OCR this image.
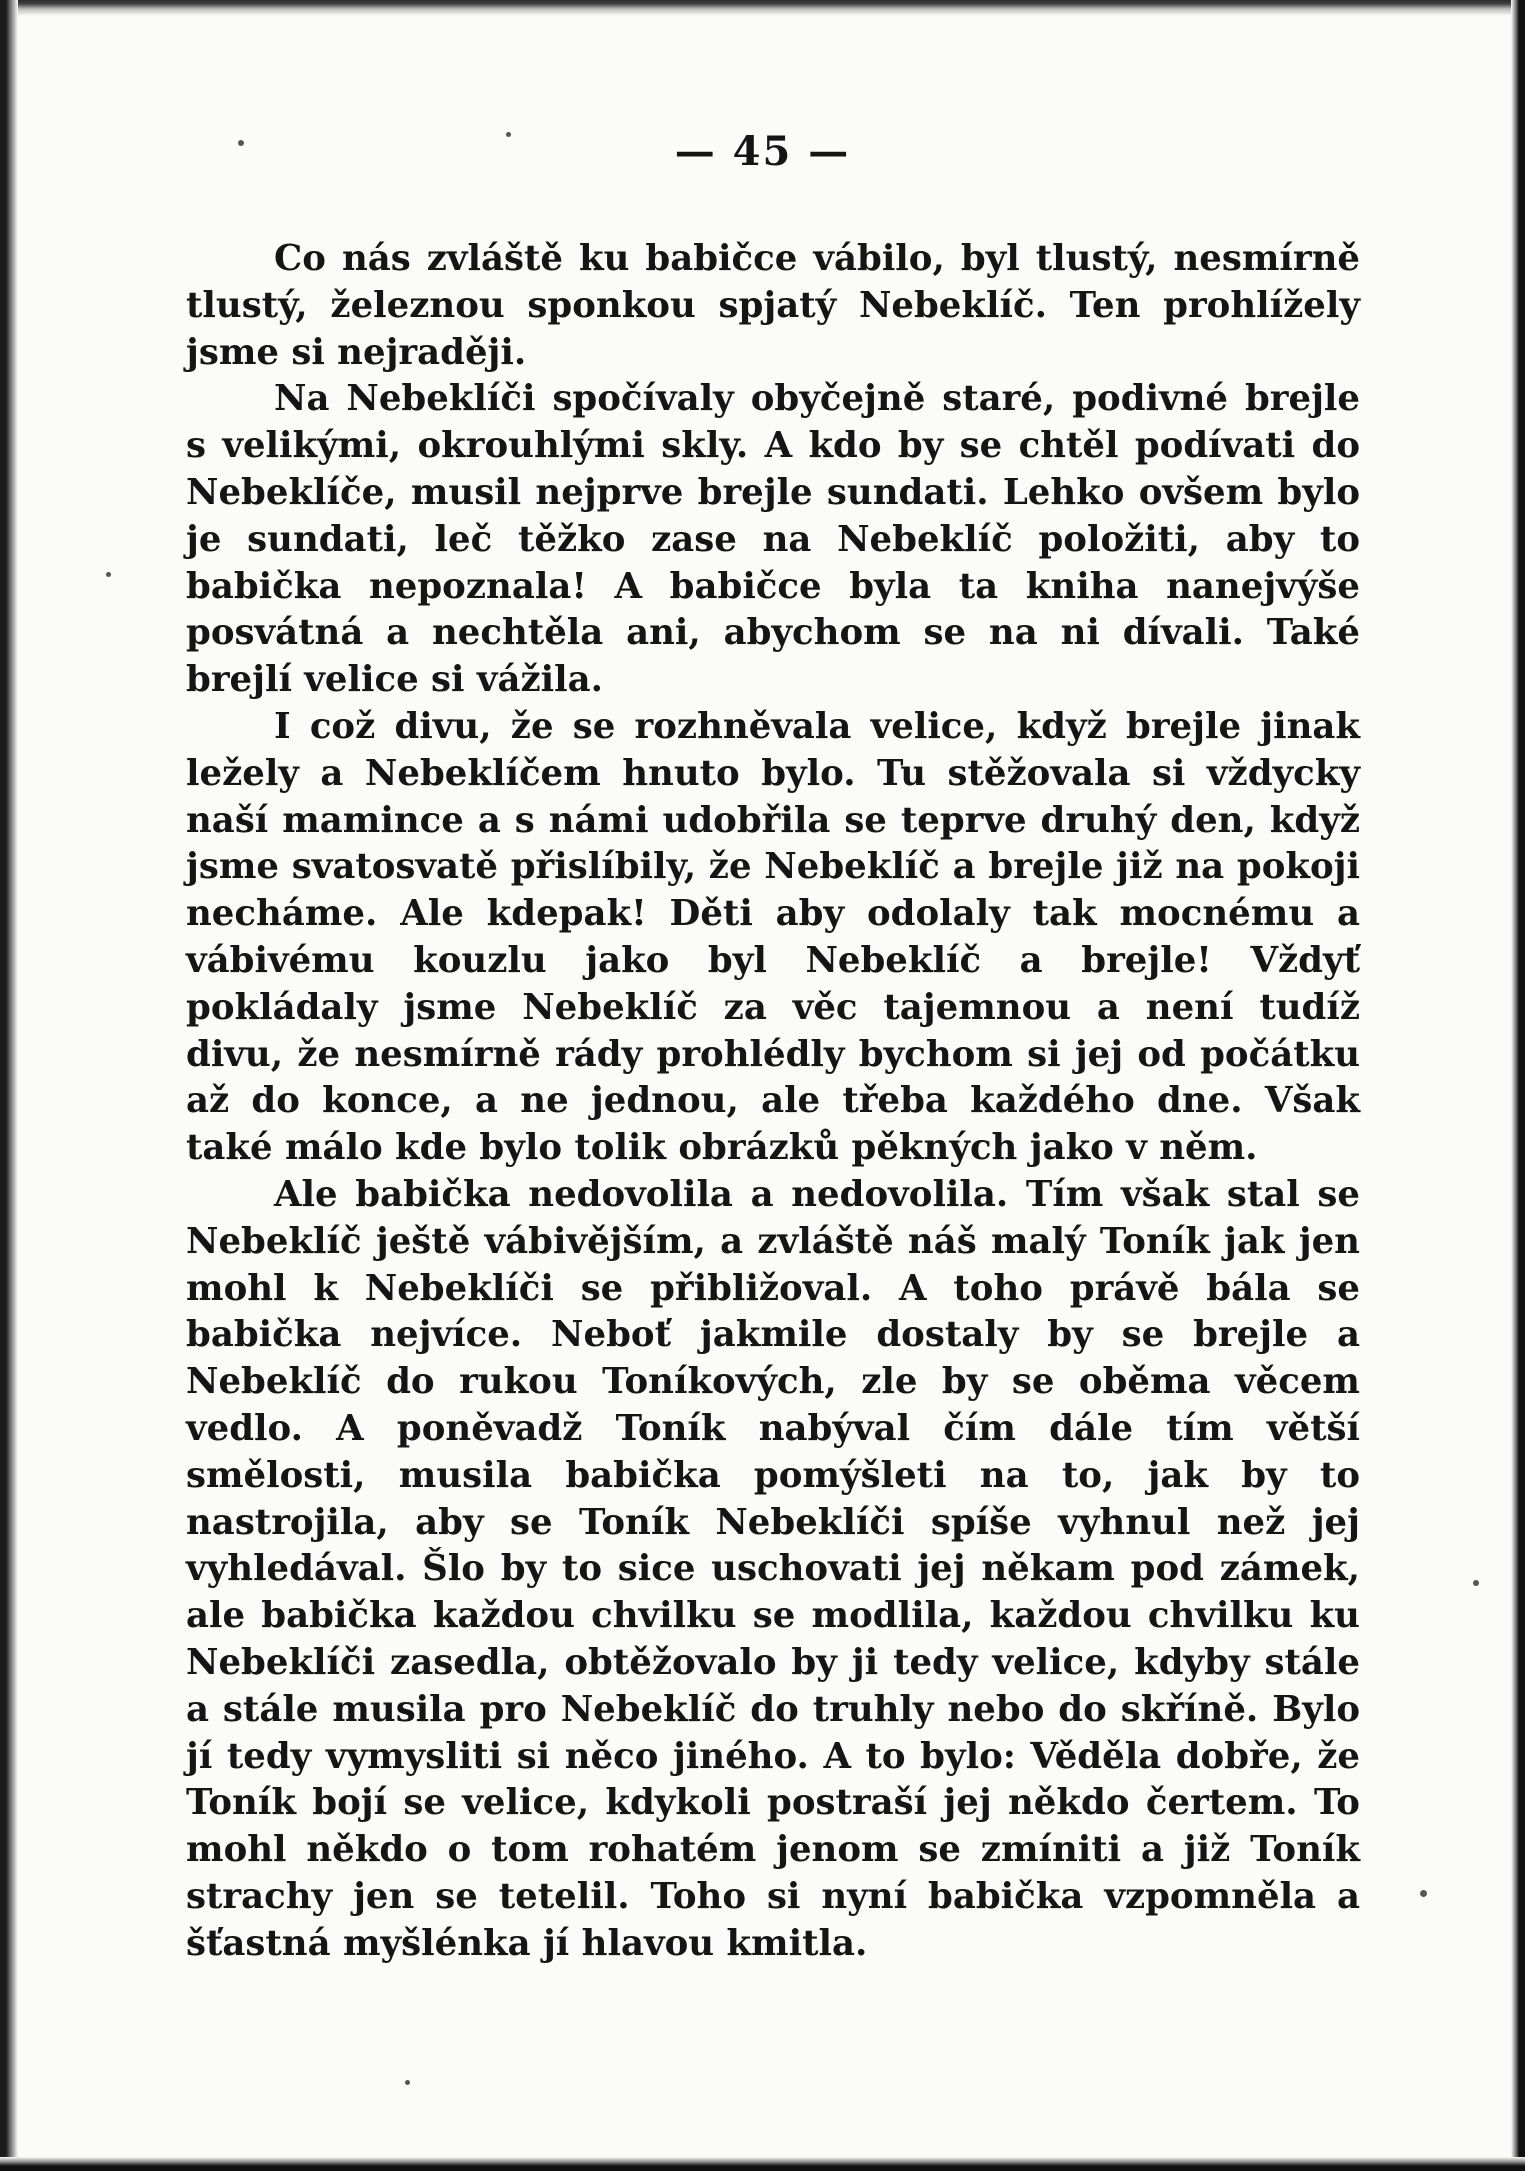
— 45 —

Co nás zvláště ku babičce vábilo, byl tlustý, nesmírně tlustý, železnou sponkou spjatý Nebeklíč. Ten prohlížely jsme si nejraději.

Na Nebeklíči spočívaly obyčejně staré, podivné brejle s velikými, okrouhlými skly. A kdo by se chtěl podívati do Nebeklíče, musil nejprve brejle sundati. Lehko ovšem bylo je sundati, leč těžko zase na Nebeklíč položiti, aby to babička nepoznala! A babičce byla ta kniha nanejvýše posvátná a nechtěla ani, abychom se na ni dívali. Také brejlí velice si vážila.

I což divu, že se rozhněvala velice, když brejle jinak ležely a Nebeklíčem hnuto bylo. Tu stěžovala si vždycky naší mamince a s námi udobřila se teprve druhý den, když jsme svatosvatě přislíbily, že Nebeklíč a brejle již na pokoji necháme. Ale kdepak! Děti aby odolaly tak mocnému a vábivému kouzlu jako byl Nebeklíč a brejle! Vždyť pokládaly jsme Nebeklíč za věc tajemnou a není tudíž divu, že nesmírně rády prohlédly bychom si jej od počátku až do konce, a ne jednou, ale třeba každého dne. Však také málo kde bylo tolik obrázků pěkných jako v něm.

Ale babička nedovolila a nedovolila. Tím však stal se Nebeklíč ještě vábivějším, a zvláště náš malý Toník jak jen mohl k Nebeklíči se přibližoval. A toho právě bála se babička nejvíce. Neboť jakmile dostaly by se brejle a Nebeklíč do rukou Toníkových, zle by se oběma věcem vedlo. A poněvadž Toník nabýval čím dále tím větší smělosti, musila babička pomýšleti na to, jak by to nastrojila, aby se Toník Nebeklíči spíše vyhnul než jej vyhledával. Šlo by to sice uschovati jej někam pod zámek, ale babička každou chvilku se modlila, každou chvilku ku Nebeklíči zasedla, obtěžovalo by ji tedy velice, kdyby stále a stále musila pro Nebeklíč do truhly nebo do skříně. Bylo jí tedy vymysliti si něco jiného. A to bylo: Věděla dobře, že Toník bojí se velice, kdykoli postraší jej někdo čertem. To mohl někdo o tom rohatém jenom se zmíniti a již Toník strachy jen se tetelil. Toho si nyní babička vzpomněla a šťastná myšlénka jí hlavou kmitla.
